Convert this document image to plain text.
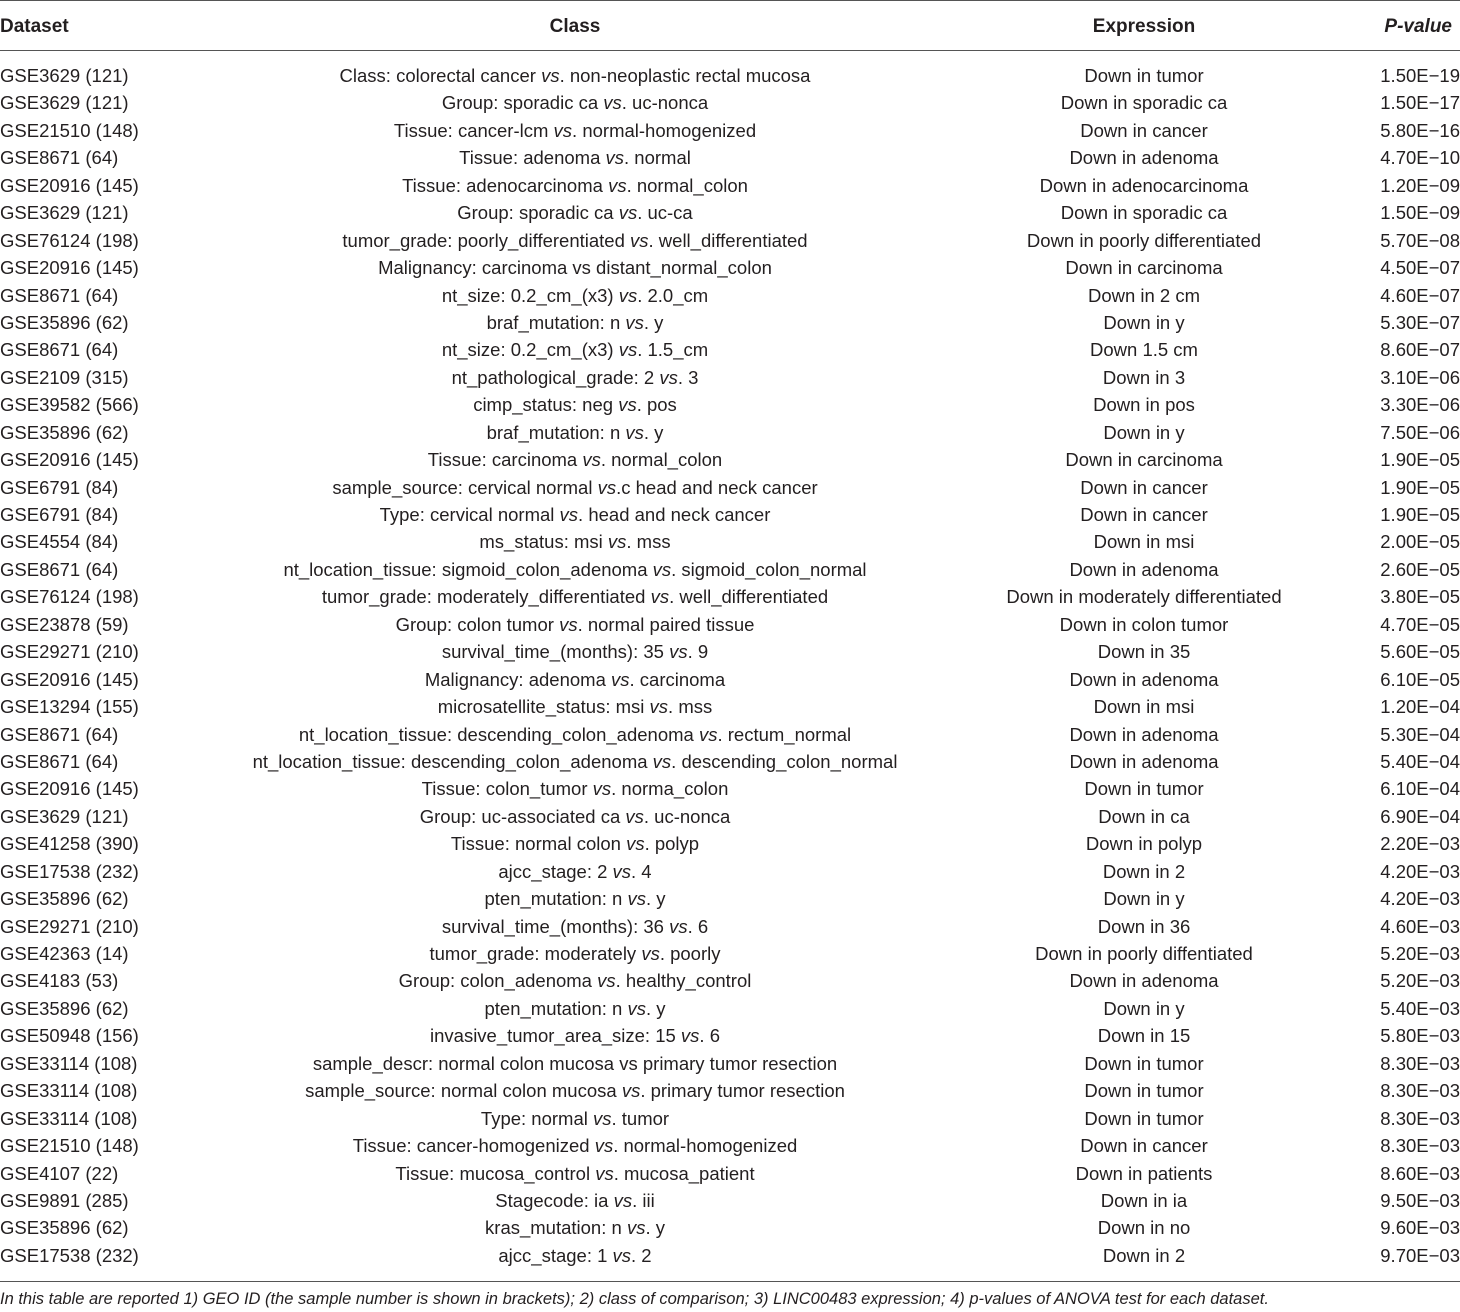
Dataset	Class	Expression	P-value
GSE3629 (121)	Class: colorectal cancer vs. non-neoplastic rectal mucosa	Down in tumor	1.50E−19
GSE3629 (121)	Group: sporadic ca vs. uc-nonca	Down in sporadic ca	1.50E−17
GSE21510 (148)	Tissue: cancer-lcm vs. normal-homogenized	Down in cancer	5.80E−16
GSE8671 (64)	Tissue: adenoma vs. normal	Down in adenoma	4.70E−10
GSE20916 (145)	Tissue: adenocarcinoma vs. normal_colon	Down in adenocarcinoma	1.20E−09
GSE3629 (121)	Group: sporadic ca vs. uc-ca	Down in sporadic ca	1.50E−09
GSE76124 (198)	tumor_grade: poorly_differentiated vs. well_differentiated	Down in poorly differentiated	5.70E−08
GSE20916 (145)	Malignancy: carcinoma vs distant_normal_colon	Down in carcinoma	4.50E−07
GSE8671 (64)	nt_size: 0.2_cm_(x3) vs. 2.0_cm	Down in 2 cm	4.60E−07
GSE35896 (62)	braf_mutation: n vs. y	Down in y	5.30E−07
GSE8671 (64)	nt_size: 0.2_cm_(x3) vs. 1.5_cm	Down 1.5 cm	8.60E−07
GSE2109 (315)	nt_pathological_grade: 2 vs. 3	Down in 3	3.10E−06
GSE39582 (566)	cimp_status: neg vs. pos	Down in pos	3.30E−06
GSE35896 (62)	braf_mutation: n vs. y	Down in y	7.50E−06
GSE20916 (145)	Tissue: carcinoma vs. normal_colon	Down in carcinoma	1.90E−05
GSE6791 (84)	sample_source: cervical normal vs.c head and neck cancer	Down in cancer	1.90E−05
GSE6791 (84)	Type: cervical normal vs. head and neck cancer	Down in cancer	1.90E−05
GSE4554 (84)	ms_status: msi vs. mss	Down in msi	2.00E−05
GSE8671 (64)	nt_location_tissue: sigmoid_colon_adenoma vs. sigmoid_colon_normal	Down in adenoma	2.60E−05
GSE76124 (198)	tumor_grade: moderately_differentiated vs. well_differentiated	Down in moderately differentiated	3.80E−05
GSE23878 (59)	Group: colon tumor vs. normal paired tissue	Down in colon tumor	4.70E−05
GSE29271 (210)	survival_time_(months): 35 vs. 9	Down in 35	5.60E−05
GSE20916 (145)	Malignancy: adenoma vs. carcinoma	Down in adenoma	6.10E−05
GSE13294 (155)	microsatellite_status: msi vs. mss	Down in msi	1.20E−04
GSE8671 (64)	nt_location_tissue: descending_colon_adenoma vs. rectum_normal	Down in adenoma	5.30E−04
GSE8671 (64)	nt_location_tissue: descending_colon_adenoma vs. descending_colon_normal	Down in adenoma	5.40E−04
GSE20916 (145)	Tissue: colon_tumor vs. norma_colon	Down in tumor	6.10E−04
GSE3629 (121)	Group: uc-associated ca vs. uc-nonca	Down in ca	6.90E−04
GSE41258 (390)	Tissue: normal colon vs. polyp	Down in polyp	2.20E−03
GSE17538 (232)	ajcc_stage: 2 vs. 4	Down in 2	4.20E−03
GSE35896 (62)	pten_mutation: n vs. y	Down in y	4.20E−03
GSE29271 (210)	survival_time_(months): 36 vs. 6	Down in 36	4.60E−03
GSE42363 (14)	tumor_grade: moderately vs. poorly	Down in poorly diffentiated	5.20E−03
GSE4183 (53)	Group: colon_adenoma vs. healthy_control	Down in adenoma	5.20E−03
GSE35896 (62)	pten_mutation: n vs. y	Down in y	5.40E−03
GSE50948 (156)	invasive_tumor_area_size: 15 vs. 6	Down in 15	5.80E−03
GSE33114 (108)	sample_descr: normal colon mucosa vs primary tumor resection	Down in tumor	8.30E−03
GSE33114 (108)	sample_source: normal colon mucosa vs. primary tumor resection	Down in tumor	8.30E−03
GSE33114 (108)	Type: normal vs. tumor	Down in tumor	8.30E−03
GSE21510 (148)	Tissue: cancer-homogenized vs. normal-homogenized	Down in cancer	8.30E−03
GSE4107 (22)	Tissue: mucosa_control vs. mucosa_patient	Down in patients	8.60E−03
GSE9891 (285)	Stagecode: ia vs. iii	Down in ia	9.50E−03
GSE35896 (62)	kras_mutation: n vs. y	Down in no	9.60E−03
GSE17538 (232)	ajcc_stage: 1 vs. 2	Down in 2	9.70E−03
In this table are reported 1) GEO ID (the sample number is shown in brackets); 2) class of comparison; 3) LINC00483 expression; 4) p-values of ANOVA test for each dataset.
